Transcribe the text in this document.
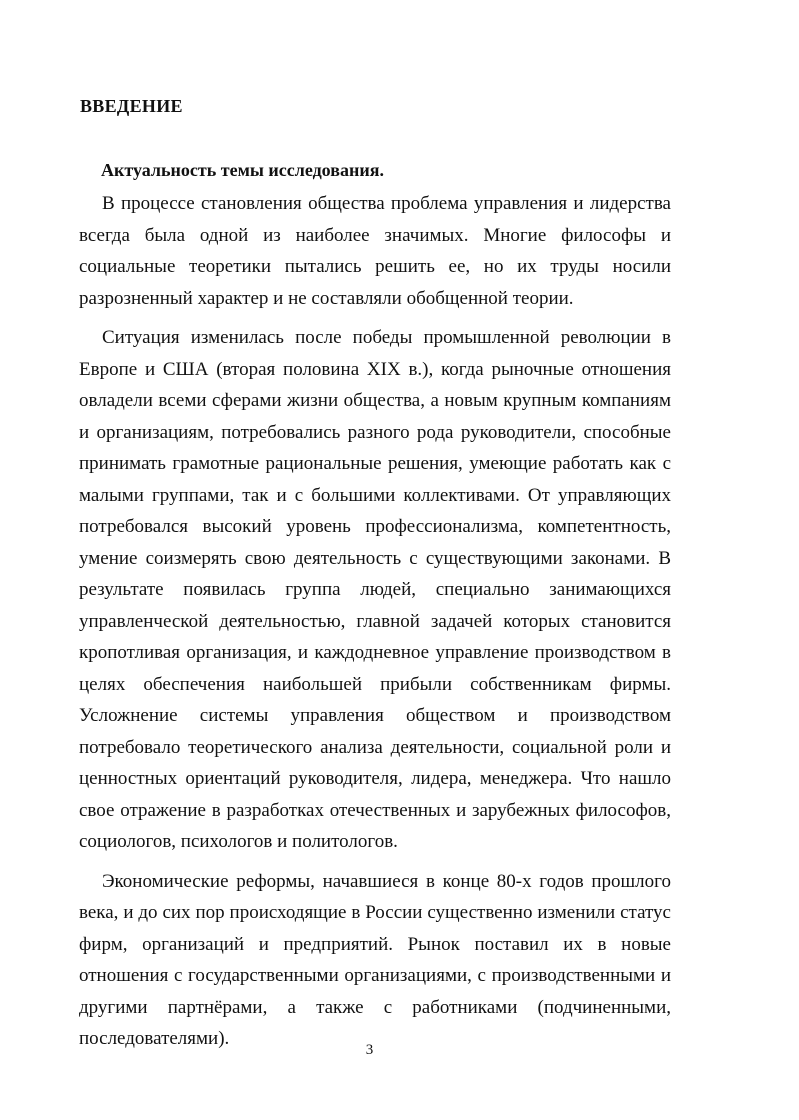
ВВЕДЕНИЕ
Актуальность темы исследования.

В процессе становления общества проблема управления и лидерства всегда была одной из наиболее значимых. Многие философы и социальные теоретики пытались решить ее, но их труды носили разрозненный характер и не составляли обобщенной теории.

Ситуация изменилась после победы промышленной революции в Европе и США (вторая половина XIX в.), когда рыночные отношения овладели всеми сферами жизни общества, а новым крупным компаниям и организациям, потребовались разного рода руководители, способные принимать грамотные рациональные решения, умеющие работать как с малыми группами, так и с большими коллективами. От управляющих потребовался высокий уровень профессионализма, компетентность, умение соизмерять свою деятельность с существующими законами. В результате появилась группа людей, специально занимающихся управленческой деятельностью, главной задачей которых становится кропотливая организация, и каждодневное управление производством в целях обеспечения наибольшей прибыли собственникам фирмы. Усложнение системы управления обществом и производством потребовало теоретического анализа деятельности, социальной роли и ценностных ориентаций руководителя, лидера, менеджера. Что нашло свое отражение в разработках отечественных и зарубежных философов, социологов, психологов и политологов.

Экономические реформы, начавшиеся в конце 80-х годов прошлого века, и до сих пор происходящие в России существенно изменили статус фирм, организаций и предприятий. Рынок поставил их в новые отношения с государственными организациями, с производственными и другими партнёрами, а также с работниками (подчиненными, последователями).

3
